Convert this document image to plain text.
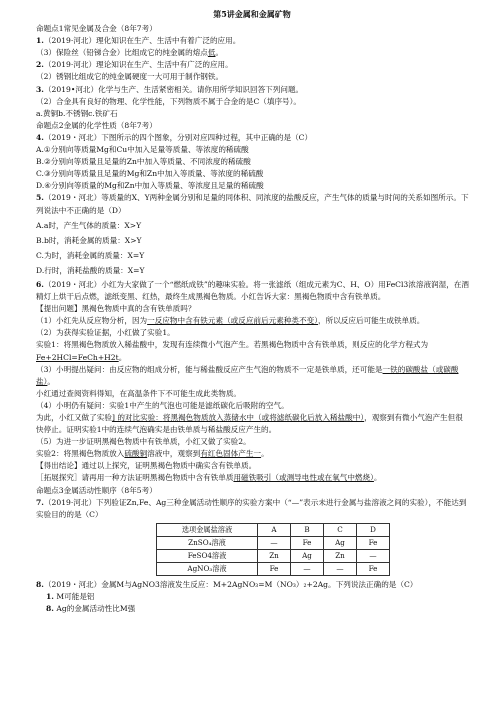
第5讲金属和金属矿物
命题点1常见金属及合金（8年7考）
1.（2019·河北）理化知识在生产、生活中有着广泛的应用。
（3）保险丝（铅锑合金）比组成它的纯金属的熔点低。
2.（2019·河北）理论知识在生产、生活中有广泛的应用。
（2）锈钢比组成它的纯金属硬度一大可用于制作钢铁。
3.（2019•河北）化学与生产、生活紧密相关。请你用所学知识回答下列问题。
（2）合金具有良好的物理、化学性能，下列物质不属于合金的是C（填序号）。
a.黄铜b.不锈钢c.铁矿石
命题点2金属的化学性质（8年7考）
4.（2019・河北）下图所示的四个图象，分别对应四种过程，其中正确的是（C）
A.①分别向等质量Mg和Cu中加入足量等质量、等浓度的稀硫酸
B.②分别向等质量且足量的Zn中加入等质量、不同浓度的稀硫酸
C.③分别向等质量且足量的Mg和Zn中加入等质量、等浓度的稀硫酸
D.④分别向等质量的Mg和Zn中加入等质量、等浓度且足量的稀硫酸
5.（2019・河北）等质量的X、Y两种金属分别和足量的同体积、同浓度的盐酸反应，产生气体的质量与时间的关系如图所示。下列说法中不正确的是（D）
A.a时，产生气体的质量：X>Y
B.b时，消耗金属的质量：X>Y
C.为时，消耗金属的质量：X=Y
D.行时，消耗盐酸的质量：X=Y
6.（2019・河北）小红为大家做了一个“燃纸成铁”的趣味实验。将一张滤纸（组成元素为C、H、O）用FeCl3浓溶液润湿，在酒精灯上烘干后点燃，滤纸变黑、红热，最终生成黑褐色物质。小红告诉大家：黑褐色物质中含有铁单质。
【提出问题】黑褐色物质中真的含有铁单质吗？
（1）小红先从反应物分析，因为一反应物中含有铁元素（或反应前后元素种类不变），所以反应后可能生成铁单质。
（2）为获得实验证据，小红做了实验1。
实验1：将黑褐色物质放入稀盐酸中，发现有连续微小气泡产生。若黑褐色物质中含有铁单质，则反应的化学方程式为Fe+2HCl=FeCh+H2t。
（3）小明提出疑问：由反应物的组成分析，能与稀盐酸反应产生气泡的物质不一定是铁单质，还可能是一铁的碳酸盐（或碳酸盐）。
小红通过查阅资料得知，在高温条件下不可能生成此类物质。
（4）小明仍有疑问：实验1中产生的气泡也可能是滤纸碳化后吸附的空气。
为此，小红又做了实验] 的对比实验：将黑褐色物质放入蒸储水中（或将滤纸碳化后放入稀盐酸中），观察到有微小气泡产生但很快停止。证明实验1中的连续气泡确实是由铁单质与稀盐酸反应产生的。
（5）为进一步证明黑褐色物质中有铁单质，小红又做了实验2。
实验2：将黑褐色物质放入硫酸铜溶液中，观察到有红色固体产生一。
【得出结论】通过以上探究，证明黑褐色物质中确实含有铁单质。
［拓展探究］请再用一种方法证明黑褐色物质中含有铁单质用磁铁吸引（或测导电性或在氧气中燃烧）。
命题点3金属活动性顺序（8年5考）
7.（2019·河北）下列验证Zn,Fe、Ag三种金属活动性顺序的实验方案中（“—”表示未进行金属与盐溶液之间的实验），不能达到实验目的的是（C）
选项金属盐溶液	A	B	C	D
ZnSO₄溶液	—	Fe	Ag	Fe
FeSO4溶液	Zn	Ag	Zn	—
AgNO₃溶液	Fe	—	—	Fe
8.（2019・河北）金属M与AgNO3溶液发生反应：M+2AgNO₃=M（NO₃）₂+2Ag。下列说法正确的是（C）
1. M可能是铝
8. Ag的金属活动性比M强
